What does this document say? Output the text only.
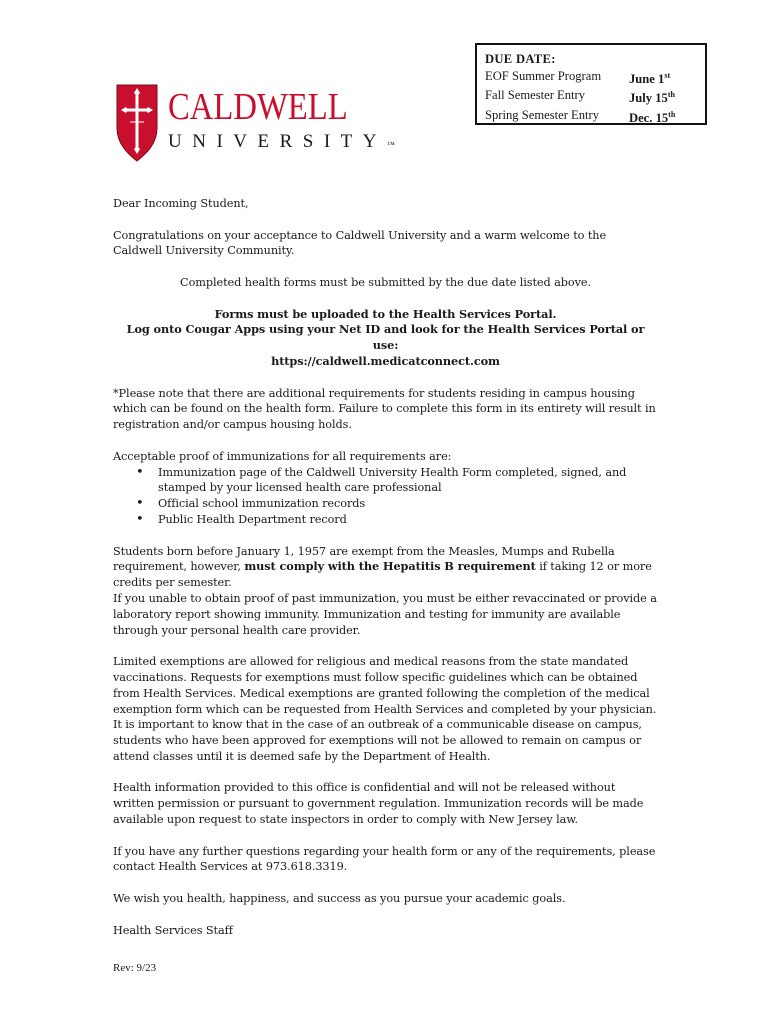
CALDWELL
UNIVERSITY™
DUE DATE:
EOF Summer Program June 1st
Fall Semester Entry	July 15th
Spring Semester Entry Dec. 15th

Dear Incoming Student,

Congratulations on your acceptance to Caldwell University and a warm welcome to the Caldwell University Community.

Completed health forms must be submitted by the due date listed above.

Forms must be uploaded to the Health Services Portal.

Log onto Cougar Apps using your Net ID and look for the Health Services Portal or use:

https://caldwell.medicatconnect.com

*Please note that there are additional requirements for students residing in campus housing which can be found on the health form. Failure to complete this form in its entirety will result in registration and/or campus housing holds.

Acceptable proof of immunizations for all requirements are:

• Immunization page of the Caldwell University Health Form completed, signed, and stamped by your licensed health care professional
• Official school immunization records
• Public Health Department record

Students born before January 1, 1957 are exempt from the Measles, Mumps and Rubella requirement, however, must comply with the Hepatitis B requirement if taking 12 or more credits per semester.

If you unable to obtain proof of past immunization, you must be either revaccinated or provide a laboratory report showing immunity. Immunization and testing for immunity are available through your personal health care provider.

Limited exemptions are allowed for religious and medical reasons from the state mandated vaccinations. Requests for exemptions must follow specific guidelines which can be obtained from Health Services. Medical exemptions are granted following the completion of the medical exemption form which can be requested from Health Services and completed by your physician. It is important to know that in the case of an outbreak of a communicable disease on campus, students who have been approved for exemptions will not be allowed to remain on campus or attend classes until it is deemed safe by the Department of Health.

Health information provided to this office is confidential and will not be released without written permission or pursuant to government regulation. Immunization records will be made available upon request to state inspectors in order to comply with New Jersey law.

If you have any further questions regarding your health form or any of the requirements, please contact Health Services at 973.618.3319.

We wish you health, happiness, and success as you pursue your academic goals.

Health Services Staff

Rev: 9/23
